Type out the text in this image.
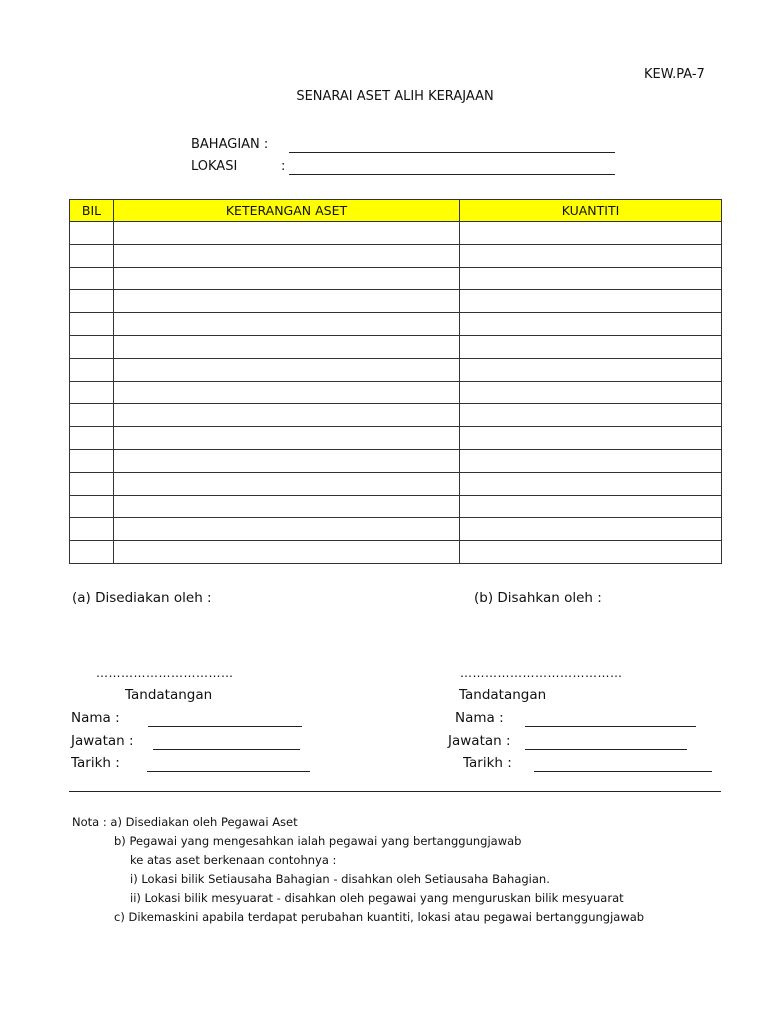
KEW.PA-7
SENARAI ASET ALIH KERAJAAN
BAHAGIAN :
LOKASI	:
BIL	KETERANGAN ASET	KUANTITI

(a) Disediakan oleh :	(b) Disahkan oleh :
……………………………	…………………………………
Tandatangan	Tandatangan
Nama :	Nama :
Jawatan :	Jawatan :
Tarikh :	Tarikh :
Nota : a) Disediakan oleh Pegawai Aset
b) Pegawai yang mengesahkan ialah pegawai yang bertanggungjawab
ke atas aset berkenaan contohnya :
i) Lokasi bilik Setiausaha Bahagian - disahkan oleh Setiausaha Bahagian.
ii) Lokasi bilik mesyuarat - disahkan oleh pegawai yang menguruskan bilik mesyuarat
c) Dikemaskini apabila terdapat perubahan kuantiti, lokasi atau pegawai bertanggungjawab
